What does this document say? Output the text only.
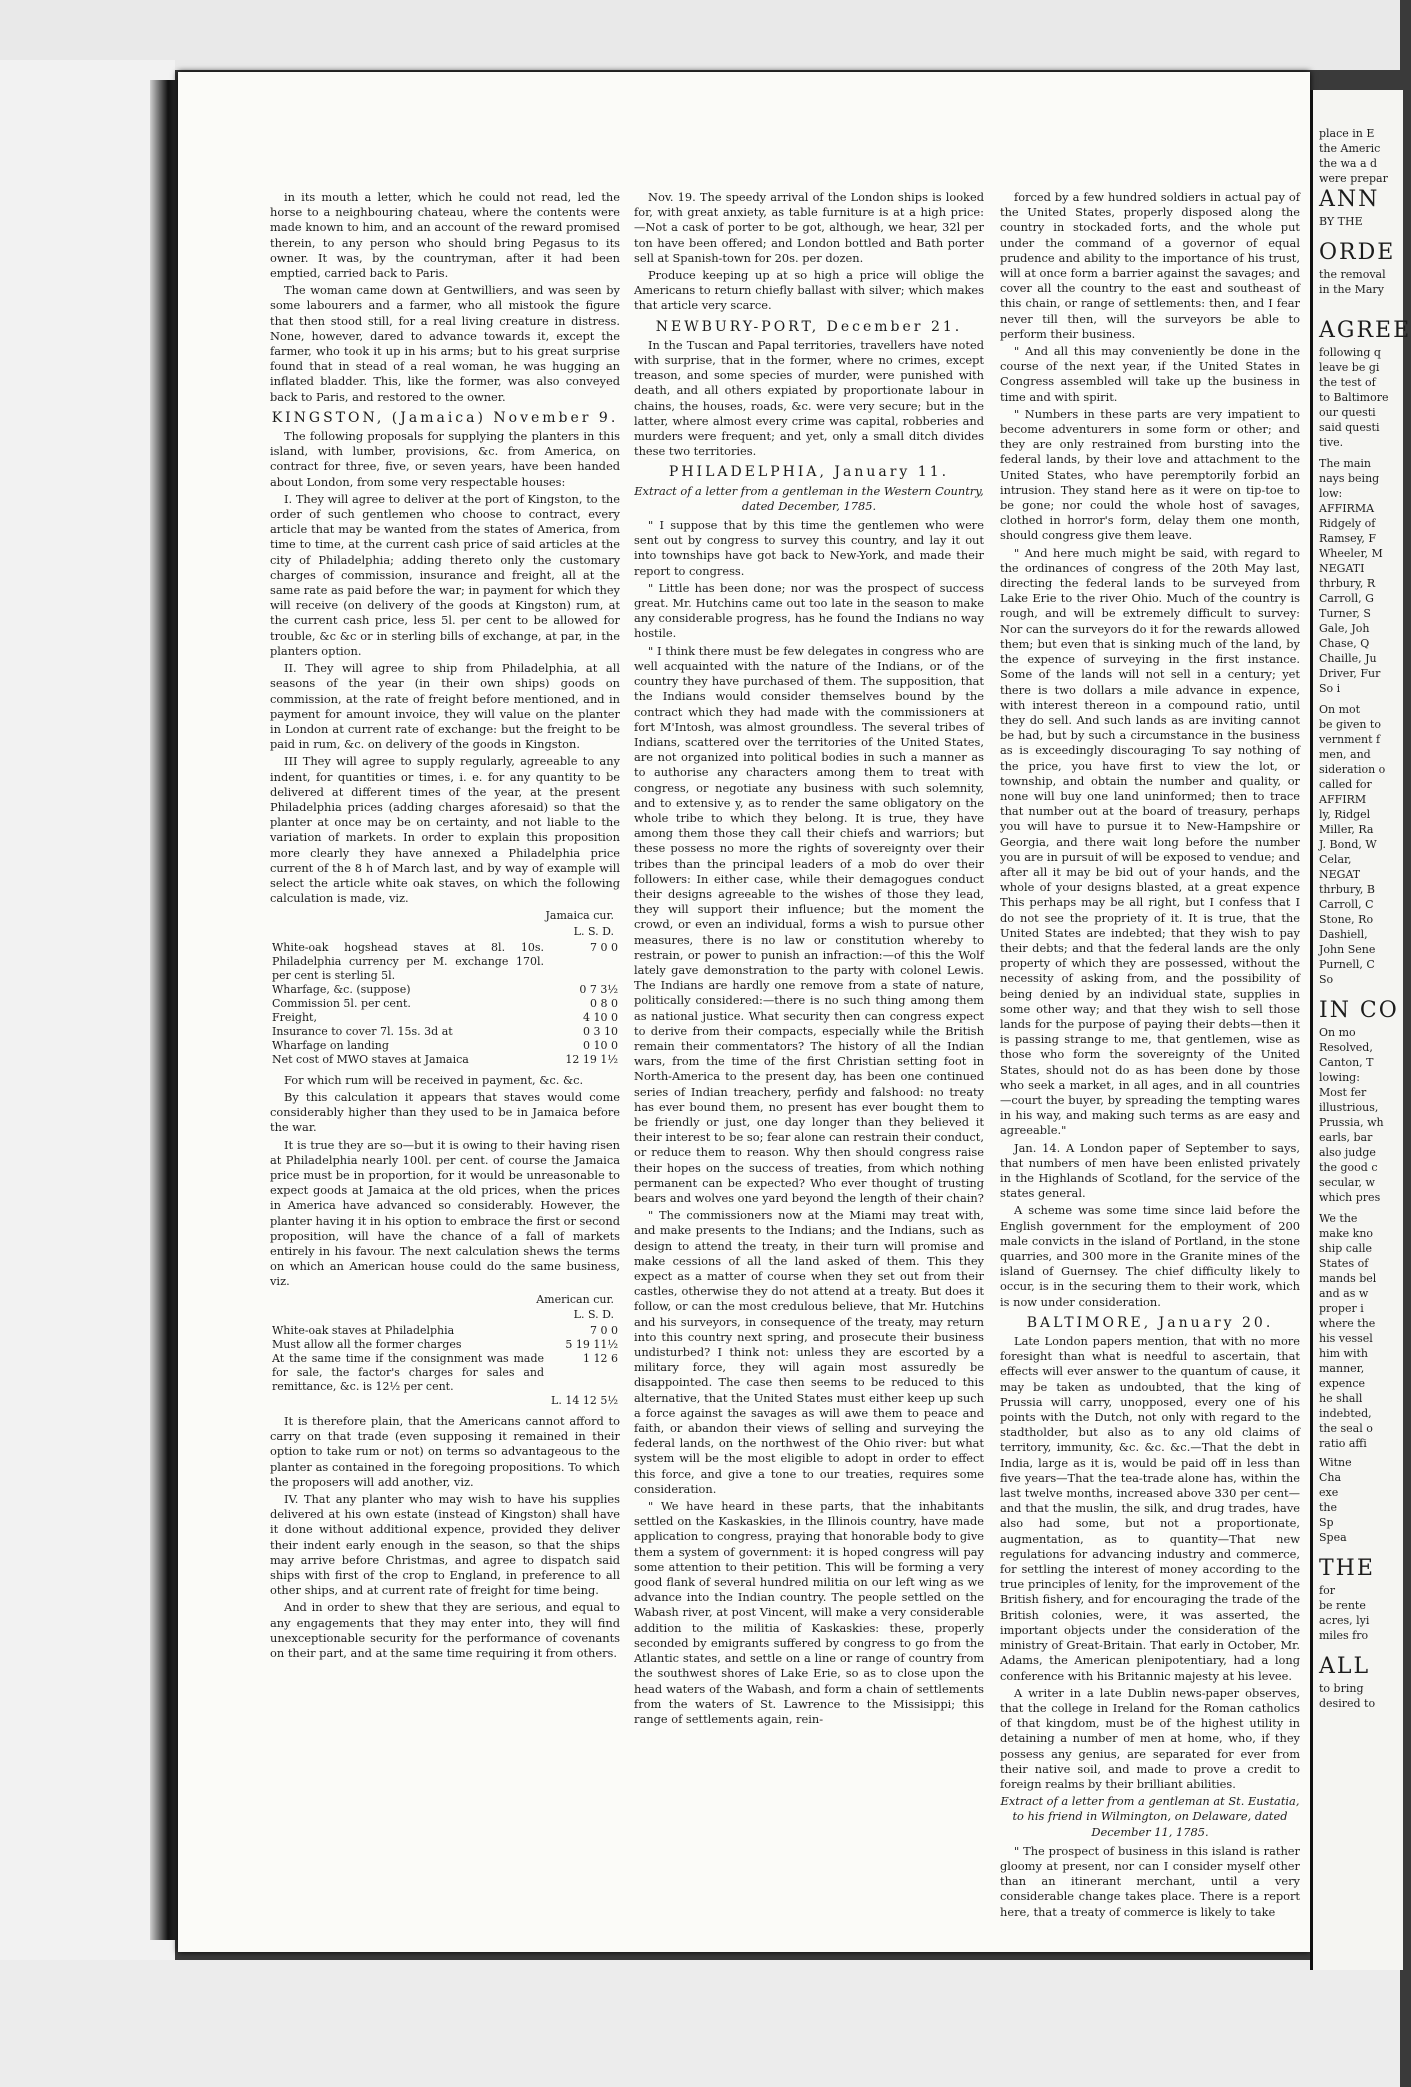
in its mouth a letter, which he could not read, led the horse to a neighbouring chateau, where the contents were made known to him, and an account of the reward promised therein, to any person who should bring Pegasus to its owner. It was, by the countryman, after it had been emptied, carried back to Paris.

The woman came down at Gentwilliers, and was seen by some labourers and a farmer, who all mistook the figure that then stood still, for a real living creature in distress. None, however, dared to advance towards it, except the farmer, who took it up in his arms; but to his great surprise found that in stead of a real woman, he was hugging an inflated bladder. This, like the former, was also conveyed back to Paris, and restored to the owner.

KINGSTON, (Jamaica) November 9.

The following proposals for supplying the planters in this island, with lumber, provisions, &c. from America, on contract for three, five, or seven years, have been handed about London, from some very respectable houses:

I. They will agree to deliver at the port of Kingston, to the order of such gentlemen who choose to contract, every article that may be wanted from the states of America, from time to time, at the current cash price of said articles at the city of Philadelphia; adding thereto only the customary charges of commission, insurance and freight, all at the same rate as paid before the war; in payment for which they will receive (on delivery of the goods at Kingston) rum, at the current cash price, less 5l. per cent to be allowed for trouble, &c &c or in sterling bills of exchange, at par, in the planters option.

II. They will agree to ship from Philadelphia, at all seasons of the year (in their own ships) goods on commission, at the rate of freight before mentioned, and in payment for amount invoice, they will value on the planter in London at current rate of exchange: but the freight to be paid in rum, &c. on delivery of the goods in Kingston.

III They will agree to supply regularly, agreeable to any indent, for quantities or times, i. e. for any quantity to be delivered at different times of the year, at the present Philadelphia prices (adding charges aforesaid) so that the planter at once may be on certainty, and not liable to the variation of markets. In order to explain this proposition more clearly they have annexed a Philadelphia price current of the 8 h of March last, and by way of example will select the article white oak staves, on which the following calculation is made, viz.

Jamaica cur.
L. S. D.
White-oak hogshead staves at 8l. 10s. Philadelphia currency per M. exchange 170l. per cent is sterling 5l.	7 0 0
Wharfage, &c. (suppose)	0 7 3½
Commission 5l. per cent.	0 8 0
Freight,	4 10 0
Insurance to cover 7l. 15s. 3d at	0 3 10
Wharfage on landing	0 10 0
Net cost of MWO staves at Jamaica	12 19 1½

For which rum will be received in payment, &c. &c.

By this calculation it appears that staves would come considerably higher than they used to be in Jamaica before the war.

It is true they are so—but it is owing to their having risen at Philadelphia nearly 100l. per cent. of course the Jamaica price must be in proportion, for it would be unreasonable to expect goods at Jamaica at the old prices, when the prices in America have advanced so considerably. However, the planter having it in his option to embrace the first or second proposition, will have the chance of a fall of markets entirely in his favour. The next calculation shews the terms on which an American house could do the same business, viz.

American cur.
L. S. D.
White-oak staves at Philadelphia	7 0 0
Must allow all the former charges	5 19 11½
At the same time if the consignment was made for sale, the factor's charges for sales and remittance, &c. is 12½ per cent.	1 12 6
	L. 14 12 5½

It is therefore plain, that the Americans cannot afford to carry on that trade (even supposing it remained in their option to take rum or not) on terms so advantageous to the planter as contained in the foregoing propositions. To which the proposers will add another, viz.

IV. That any planter who may wish to have his supplies delivered at his own estate (instead of Kingston) shall have it done without additional expence, provided they deliver their indent early enough in the season, so that the ships may arrive before Christmas, and agree to dispatch said ships with first of the crop to England, in preference to all other ships, and at current rate of freight for time being.

And in order to shew that they are serious, and equal to any engagements that they may enter into, they will find unexceptionable security for the performance of covenants on their part, and at the same time requiring it from others.

Nov. 19. The speedy arrival of the London ships is looked for, with great anxiety, as table furniture is at a high price:—Not a cask of porter to be got, although, we hear, 32l per ton have been offered; and London bottled and Bath porter sell at Spanish-town for 20s. per dozen.

Produce keeping up at so high a price will oblige the Americans to return chiefly ballast with silver; which makes that article very scarce.

NEWBURY-PORT, December 21.

In the Tuscan and Papal territories, travellers have noted with surprise, that in the former, where no crimes, except treason, and some species of murder, were punished with death, and all others expiated by proportionate labour in chains, the houses, roads, &c. were very secure; but in the latter, where almost every crime was capital, robberies and murders were frequent; and yet, only a small ditch divides these two territories.

PHILADELPHIA, January 11.
Extract of a letter from a gentleman in the Western Country, dated December, 1785.

" I suppose that by this time the gentlemen who were sent out by congress to survey this country, and lay it out into townships have got back to New-York, and made their report to congress.

" Little has been done; nor was the prospect of success great. Mr. Hutchins came out too late in the season to make any considerable progress, has he found the Indians no way hostile.

" I think there must be few delegates in congress who are well acquainted with the nature of the Indians, or of the country they have purchased of them. The supposition, that the Indians would consider themselves bound by the contract which they had made with the commissioners at fort M'Intosh, was almost groundless. The several tribes of Indians, scattered over the territories of the United States, are not organized into political bodies in such a manner as to authorise any characters among them to treat with congress, or negotiate any business with such solemnity, and to extensive y, as to render the same obligatory on the whole tribe to which they belong. It is true, they have among them those they call their chiefs and warriors; but these possess no more the rights of sovereignty over their tribes than the principal leaders of a mob do over their followers: In either case, while their demagogues conduct their designs agreeable to the wishes of those they lead, they will support their influence; but the moment the crowd, or even an individual, forms a wish to pursue other measures, there is no law or constitution whereby to restrain, or power to punish an infraction:—of this the Wolf lately gave demonstration to the party with colonel Lewis. The Indians are hardly one remove from a state of nature, politically considered:—there is no such thing among them as national justice. What security then can congress expect to derive from their compacts, especially while the British remain their commentators? The history of all the Indian wars, from the time of the first Christian setting foot in North-America to the present day, has been one continued series of Indian treachery, perfidy and falshood: no treaty has ever bound them, no present has ever bought them to be friendly or just, one day longer than they believed it their interest to be so; fear alone can restrain their conduct, or reduce them to reason. Why then should congress raise their hopes on the success of treaties, from which nothing permanent can be expected? Who ever thought of trusting bears and wolves one yard beyond the length of their chain?

" The commissioners now at the Miami may treat with, and make presents to the Indians; and the Indians, such as design to attend the treaty, in their turn will promise and make cessions of all the land asked of them. This they expect as a matter of course when they set out from their castles, otherwise they do not attend at a treaty. But does it follow, or can the most credulous believe, that Mr. Hutchins and his surveyors, in consequence of the treaty, may return into this country next spring, and prosecute their business undisturbed? I think not: unless they are escorted by a military force, they will again most assuredly be disappointed. The case then seems to be reduced to this alternative, that the United States must either keep up such a force against the savages as will awe them to peace and faith, or abandon their views of selling and surveying the federal lands, on the northwest of the Ohio river: but what system will be the most eligible to adopt in order to effect this force, and give a tone to our treaties, requires some consideration.

" We have heard in these parts, that the inhabitants settled on the Kaskaskies, in the Illinois country, have made application to congress, praying that honorable body to give them a system of government: it is hoped congress will pay some attention to their petition. This will be forming a very good flank of several hundred militia on our left wing as we advance into the Indian country. The people settled on the Wabash river, at post Vincent, will make a very considerable addition to the militia of Kaskaskies: these, properly seconded by emigrants suffered by congress to go from the Atlantic states, and settle on a line or range of country from the southwest shores of Lake Erie, so as to close upon the head waters of the Wabash, and form a chain of settlements from the waters of St. Lawrence to the Missisippi; this range of settlements again, rein-

forced by a few hundred soldiers in actual pay of the United States, properly disposed along the country in stockaded forts, and the whole put under the command of a governor of equal prudence and ability to the importance of his trust, will at once form a barrier against the savages; and cover all the country to the east and southeast of this chain, or range of settlements: then, and I fear never till then, will the surveyors be able to perform their business.

" And all this may conveniently be done in the course of the next year, if the United States in Congress assembled will take up the business in time and with spirit.

" Numbers in these parts are very impatient to become adventurers in some form or other; and they are only restrained from bursting into the federal lands, by their love and attachment to the United States, who have peremptorily forbid an intrusion. They stand here as it were on tip-toe to be gone; nor could the whole host of savages, clothed in horror's form, delay them one month, should congress give them leave.

" And here much might be said, with regard to the ordinances of congress of the 20th May last, directing the federal lands to be surveyed from Lake Erie to the river Ohio. Much of the country is rough, and will be extremely difficult to survey: Nor can the surveyors do it for the rewards allowed them; but even that is sinking much of the land, by the expence of surveying in the first instance. Some of the lands will not sell in a century; yet there is two dollars a mile advance in expence, with interest thereon in a compound ratio, until they do sell. And such lands as are inviting cannot be had, but by such a circumstance in the business as is exceedingly discouraging To say nothing of the price, you have first to view the lot, or township, and obtain the number and quality, or none will buy one land uninformed; then to trace that number out at the board of treasury, perhaps you will have to pursue it to New-Hampshire or Georgia, and there wait long before the number you are in pursuit of will be exposed to vendue; and after all it may be bid out of your hands, and the whole of your designs blasted, at a great expence This perhaps may be all right, but I confess that I do not see the propriety of it. It is true, that the United States are indebted; that they wish to pay their debts; and that the federal lands are the only property of which they are possessed, without the necessity of asking from, and the possibility of being denied by an individual state, supplies in some other way; and that they wish to sell those lands for the purpose of paying their debts—then it is passing strange to me, that gentlemen, wise as those who form the sovereignty of the United States, should not do as has been done by those who seek a market, in all ages, and in all countries—court the buyer, by spreading the tempting wares in his way, and making such terms as are easy and agreeable."

Jan. 14. A London paper of September to says, that numbers of men have been enlisted privately in the Highlands of Scotland, for the service of the states general.

A scheme was some time since laid before the English government for the employment of 200 male convicts in the island of Portland, in the stone quarries, and 300 more in the Granite mines of the island of Guernsey. The chief difficulty likely to occur, is in the securing them to their work, which is now under consideration.

BALTIMORE, January 20.

Late London papers mention, that with no more foresight than what is needful to ascertain, that effects will ever answer to the quantum of cause, it may be taken as undoubted, that the king of Prussia will carry, unopposed, every one of his points with the Dutch, not only with regard to the stadtholder, but also as to any old claims of territory, immunity, &c. &c. &c.—That the debt in India, large as it is, would be paid off in less than five years—That the tea-trade alone has, within the last twelve months, increased above 330 per cent—and that the muslin, the silk, and drug trades, have also had some, but not a proportionate, augmentation, as to quantity—That new regulations for advancing industry and commerce, for settling the interest of money according to the true principles of lenity, for the improvement of the British fishery, and for encouraging the trade of the British colonies, were, it was asserted, the important objects under the consideration of the ministry of Great-Britain. That early in October, Mr. Adams, the American plenipotentiary, had a long conference with his Britannic majesty at his levee.

A writer in a late Dublin news-paper observes, that the college in Ireland for the Roman catholics of that kingdom, must be of the highest utility in detaining a number of men at home, who, if they possess any genius, are separated for ever from their native soil, and made to prove a credit to foreign realms by their brilliant abilities.

Extract of a letter from a gentleman at St. Eustatia, to his friend in Wilmington, on Delaware, dated December 11, 1785.

" The prospect of business in this island is rather gloomy at present, nor can I consider myself other than an itinerant merchant, until a very considerable change takes place. There is a report here, that a treaty of commerce is likely to take

place in E
the Americ
the wa a d
were prepar
ANN
BY THE
ORDE
the removal
in the Mary
AGREE
following q
leave be gi
the test of
to Baltimore
our questi
said questi
tive.
The main
nays being
low:
AFFIRMA
Ridgely of
Ramsey, F
Wheeler, M
NEGATI
thrbury, R
Carroll, G
Turner, S
Gale, Joh
Chase, Q
Chaille, Ju
Driver, Fur
So i
On mot
be given to
vernment f
men, and
sideration o
called for
AFFIRM
ly, Ridgel
Miller, Ra
J. Bond, W
Celar,
NEGAT
thrbury, B
Carroll, C
Stone, Ro
Dashiell,
John Sene
Purnell, C
So
IN CO
On mo
Resolved,
Canton, T
lowing:
Most fer
illustrious,
Prussia, wh
earls, bar
also judge
the good c
secular, w
which pres
We the
make kno
ship calle
States of
mands bel
and as w
proper i
where the
his vessel
him with
manner,
expence
he shall
indebted,
the seal o
ratio affi
Witne
Cha
exe
the
Sp
Spea
THE
for
be rente
acres, lyi
miles fro
ALL
to bring
desired to
